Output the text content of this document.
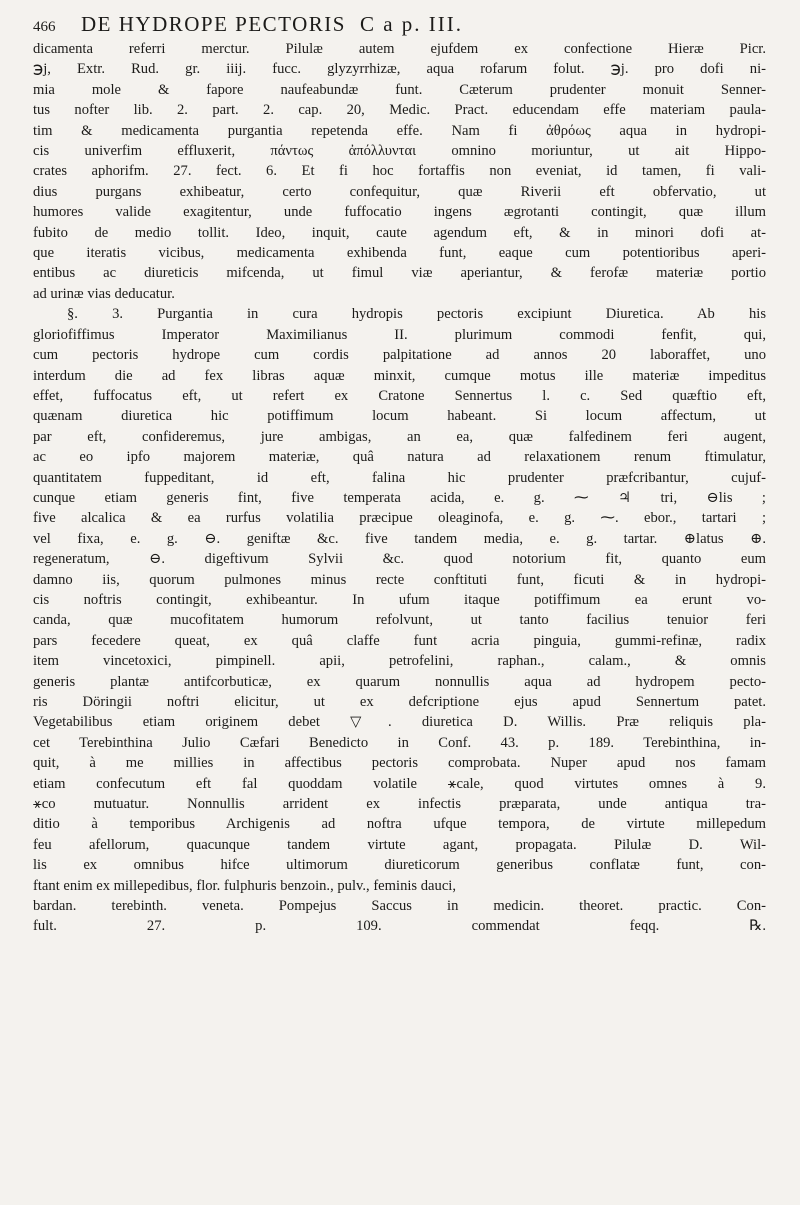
466	DE HYDROPE PECTORIS C a p. III.
dicamenta referri merctur. Pilulæ autem ejufdem ex confectione Hieræ Picr.
℈j, Extr. Rud. gr. iiij. fucc. glyzyrrhizæ, aqua rofarum folut. ℈j. pro dofi ni-
mia mole & fapore naufeabundæ funt. Cæterum prudenter monuit Senner-
tus nofter lib. 2. part. 2. cap. 20, Medic. Pract. educendam effe materiam paula-
tim & medicamenta purgantia repetenda effe. Nam fi ἀθρόως aqua in hydropi-
cis univerfim effluxerit, πάντως ἀπόλλυνται omnino moriuntur, ut ait Hippo-
crates aphorifm. 27. fect. 6. Et fi hoc fortaffis non eveniat, id tamen, fi vali-
dius purgans exhibeatur, certo confequitur, quæ Riverii eft obfervatio, ut
humores valide exagitentur, unde fuffocatio ingens ægrotanti contingit, quæ illum
fubito de medio tollit. Ideo, inquit, caute agendum eft, & in minori dofi at-
que iteratis vicibus, medicamenta exhibenda funt, eaque cum potentioribus aperi-
entibus ac diureticis mifcenda, ut fimul viæ aperiantur, & ferofæ materiæ portio
ad urinæ vias deducatur.
§. 3. Purgantia in cura hydropis pectoris excipiunt Diuretica. Ab his
gloriofiffimus Imperator Maximilianus II. plurimum commodi fenfit, qui,
cum pectoris hydrope cum cordis palpitatione ad annos 20 laboraffet, uno
interdum die ad fex libras aquæ minxit, cumque motus ille materiæ impeditus
effet, fuffocatus eft, ut refert ex Cratone Sennertus l. c. Sed quæftio eft,
quænam diuretica hic potiffimum locum habeant. Si locum affectum, ut
par eft, confideremus, jure ambigas, an ea, quæ falfedinem feri augent,
ac eo ipfo majorem materiæ, quâ natura ad relaxationem renum ftimulatur,
quantitatem fuppeditant, id eft, falina hic prudenter præfcribantur, cujuf-
cunque etiam generis fint, five temperata acida, e. g. ⁓ ♃ tri, ⊖lis ;
five alcalica & ea rurfus volatilia præcipue oleaginofa, e. g. ⁓. ebor., tartari ;
vel fixa, e. g. ⊖. geniftæ &c. five tandem media, e. g. tartar. ⊕latus ⊕.
regeneratum, ⊖. digeftivum Sylvii &c. quod notorium fit, quanto eum
damno iis, quorum pulmones minus recte conftituti funt, ficuti & in hydropi-
cis noftris contingit, exhibeantur. In ufum itaque potiffimum ea erunt vo-
canda, quæ mucofitatem humorum refolvunt, ut tanto facilius tenuior feri
pars fecedere queat, ex quâ claffe funt acria pinguia, gummi-refinæ, radix
item vincetoxici, pimpinell. apii, petrofelini, raphan., calam., & omnis
generis plantæ antifcorbuticæ, ex quarum nonnullis aqua ad hydropem pecto-
ris Döringii noftri elicitur, ut ex defcriptione ejus apud Sennertum patet.
Vegetabilibus etiam originem debet ▽. diuretica D. Willis. Præ reliquis pla-
cet Terebinthina Julio Cæfari Benedicto in Conf. 43. p. 189. Terebinthina, in-
quit, à me millies in affectibus pectoris comprobata. Nuper apud nos famam
etiam confecutum eft fal quoddam volatile ⚹cale, quod virtutes omnes à 9.
⚹co mutuatur. Nonnullis arrident ex infectis præparata, unde antiqua tra-
ditio à temporibus Archigenis ad noftra ufque tempora, de virtute millepedum
feu afellorum, quacunque tandem virtute agant, propagata. Pilulæ D. Wil-
lis ex omnibus hifce ultimorum diureticorum generibus conflatæ funt, con-
ftant enim ex millepedibus, flor. fulphuris benzoin., pulv., feminis dauci,
bardan. terebinth. veneta. Pompejus Saccus in medicin. theoret. practic. Con-
fult. 27. p. 109. commendat feqq. ℞.
